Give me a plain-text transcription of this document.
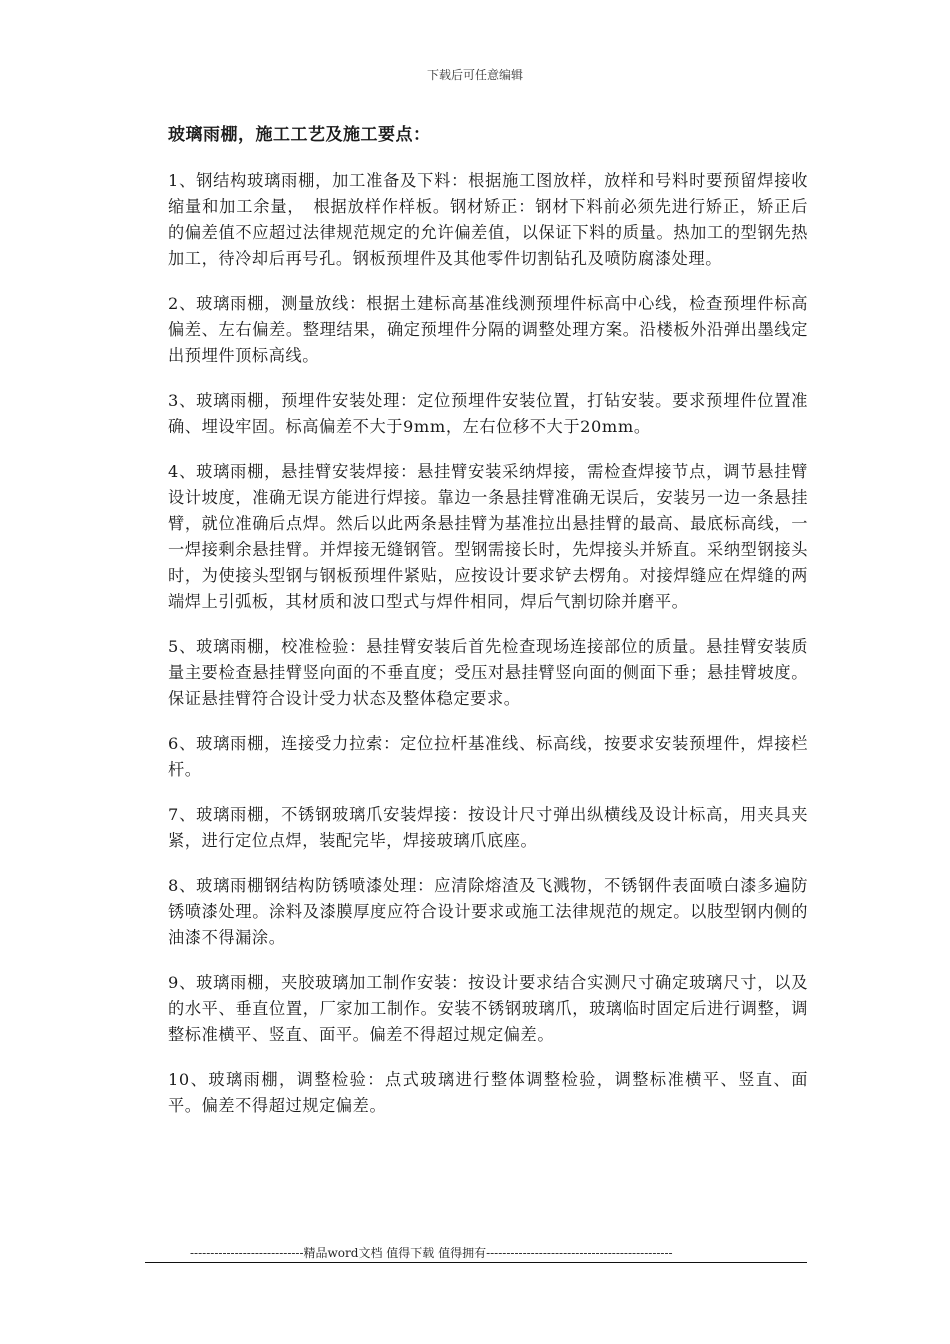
下载后可任意编辑
玻璃雨棚，施工工艺及施工要点：

1、钢结构玻璃雨棚，加工准备及下料：根据施工图放样，放样和号料时要预留焊接收缩量和加工余量，　根据放样作样板。钢材矫正：钢材下料前必须先进行矫正，矫正后的偏差值不应超过法律规范规定的允许偏差值，以保证下料的质量。热加工的型钢先热加工，待冷却后再号孔。钢板预埋件及其他零件切割钻孔及喷防腐漆处理。

2、玻璃雨棚，测量放线：根据土建标高基准线测预埋件标高中心线，检查预埋件标高偏差、左右偏差。整理结果，确定预埋件分隔的调整处理方案。沿楼板外沿弹出墨线定出预埋件顶标高线。

3、玻璃雨棚，预埋件安装处理：定位预埋件安装位置，打钻安装。要求预埋件位置准确、埋设牢固。标高偏差不大于9mm，左右位移不大于20mm。

4、玻璃雨棚，悬挂臂安装焊接：悬挂臂安装采纳焊接，需检查焊接节点，调节悬挂臂设计坡度，准确无误方能进行焊接。靠边一条悬挂臂准确无误后，安装另一边一条悬挂臂，就位准确后点焊。然后以此两条悬挂臂为基准拉出悬挂臂的最高、最底标高线，一一焊接剩余悬挂臂。并焊接无缝钢管。型钢需接长时，先焊接头并矫直。采纳型钢接头时，为使接头型钢与钢板预埋件紧贴，应按设计要求铲去楞角。对接焊缝应在焊缝的两端焊上引弧板，其材质和波口型式与焊件相同，焊后气割切除并磨平。

5、玻璃雨棚，校准检验：悬挂臂安装后首先检查现场连接部位的质量。悬挂臂安装质量主要检查悬挂臂竖向面的不垂直度；受压对悬挂臂竖向面的侧面下垂；悬挂臂坡度。保证悬挂臂符合设计受力状态及整体稳定要求。

6、玻璃雨棚，连接受力拉索：定位拉杆基准线、标高线，按要求安装预埋件，焊接栏杆。

7、玻璃雨棚，不锈钢玻璃爪安装焊接：按设计尺寸弹出纵横线及设计标高，用夹具夹紧，进行定位点焊，装配完毕，焊接玻璃爪底座。

8、玻璃雨棚钢结构防锈喷漆处理：应清除熔渣及飞溅物，不锈钢件表面喷白漆多遍防锈喷漆处理。涂料及漆膜厚度应符合设计要求或施工法律规范的规定。以肢型钢内侧的油漆不得漏涂。

9、玻璃雨棚，夹胶玻璃加工制作安装：按设计要求结合实测尺寸确定玻璃尺寸，以及的水平、垂直位置，厂家加工制作。安装不锈钢玻璃爪，玻璃临时固定后进行调整，调整标准横平、竖直、面平。偏差不得超过规定偏差。

10、玻璃雨棚，调整检验：点式玻璃进行整体调整检验，调整标准横平、竖直、面平。偏差不得超过规定偏差。

----------------------------精品word文档 值得下载 值得拥有----------------------------------------------
